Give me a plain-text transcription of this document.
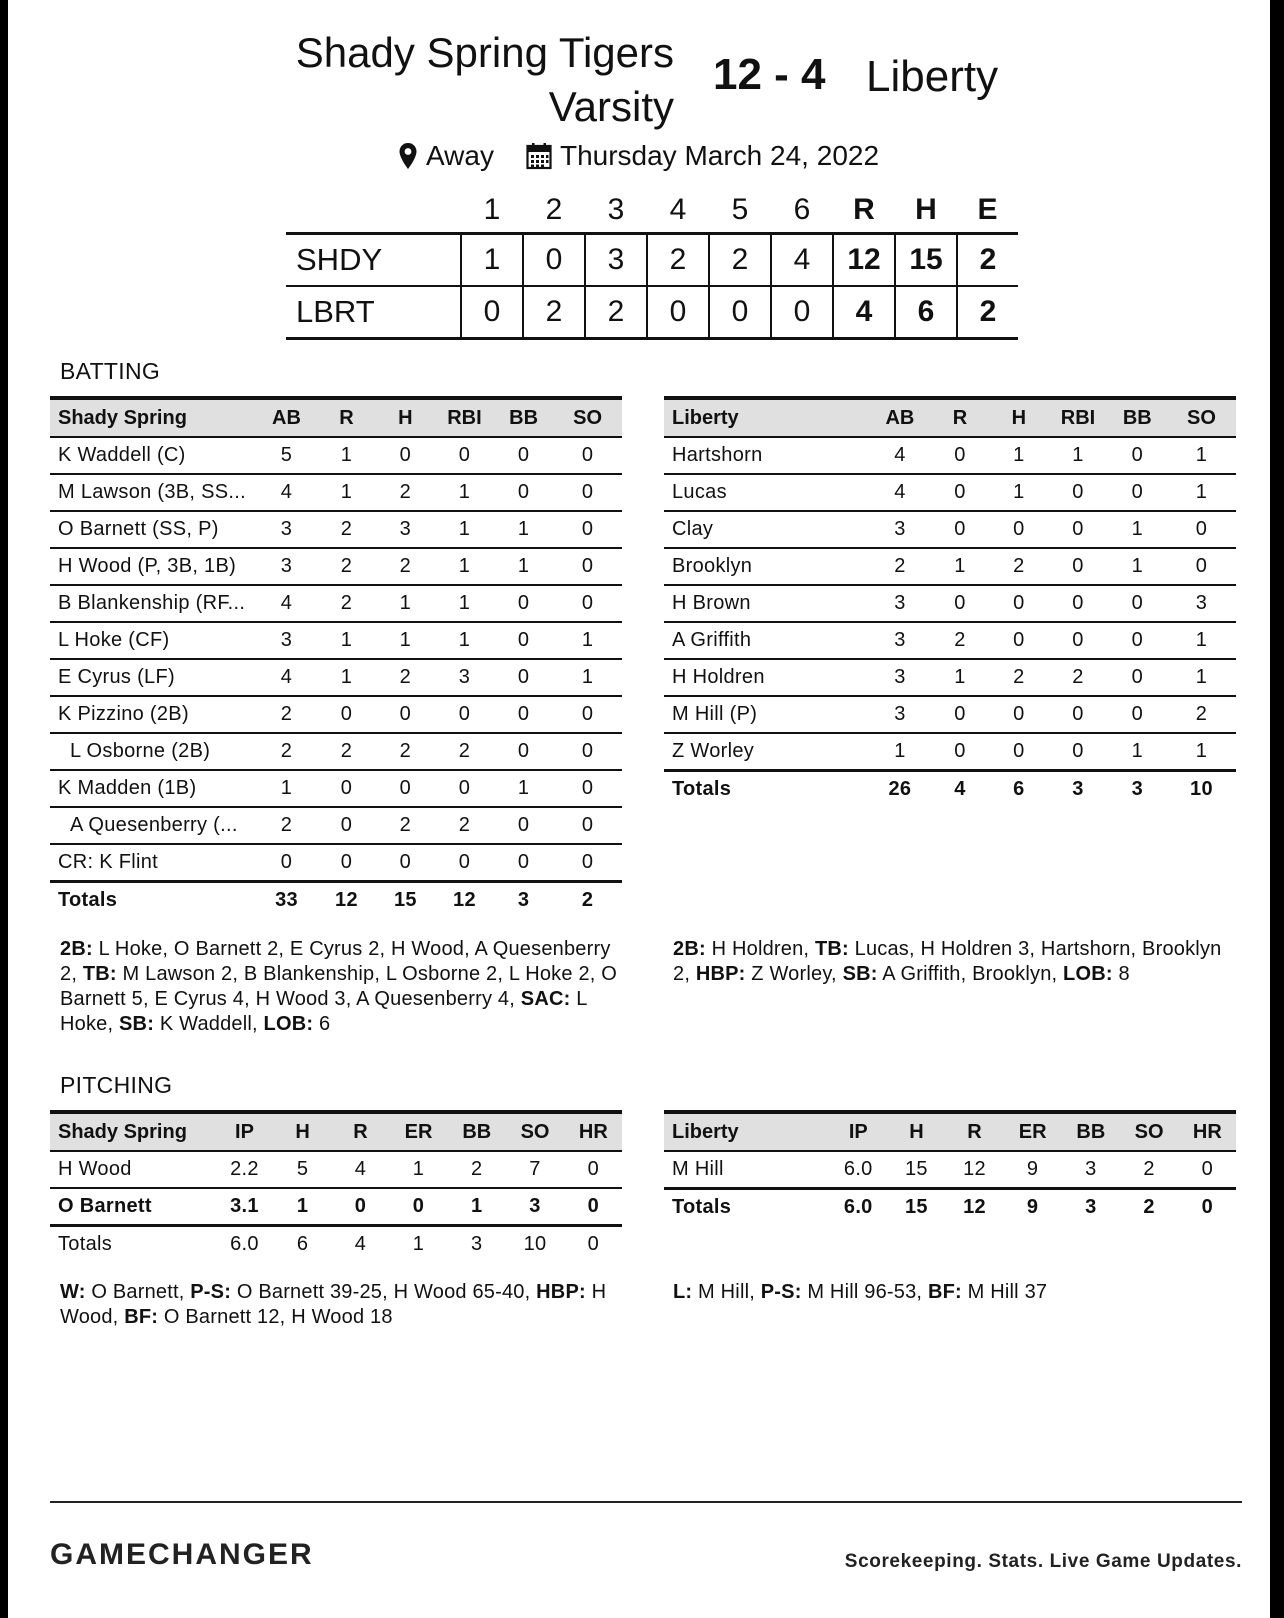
Shady Spring Tigers
Varsity
12 - 4 Liberty
Away Thursday March 24, 2022
	1	2	3	4	5	6	R	H	E
SHDY	1	0	3	2	2	4	12	15	2
LBRT	0	2	2	0	0	0	4	6	2
BATTING
Shady Spring	AB	R	H	RBI	BB	SO
K Waddell (C)	5	1	0	0	0	0
M Lawson (3B, SS...	4	1	2	1	0	0
O Barnett (SS, P)	3	2	3	1	1	0
H Wood (P, 3B, 1B)	3	2	2	1	1	0
B Blankenship (RF...	4	2	1	1	0	0
L Hoke (CF)	3	1	1	1	0	1
E Cyrus (LF)	4	1	2	3	0	1
K Pizzino (2B)	2	0	0	0	0	0
L Osborne (2B)	2	2	2	2	0	0
K Madden (1B)	1	0	0	0	1	0
A Quesenberry (...	2	0	2	2	0	0
CR: K Flint	0	0	0	0	0	0
Totals	33	12	15	12	3	2
Liberty	AB	R	H	RBI	BB	SO
Hartshorn	4	0	1	1	0	1
Lucas	4	0	1	0	0	1
Clay	3	0	0	0	1	0
Brooklyn	2	1	2	0	1	0
H Brown	3	0	0	0	0	3
A Griffith	3	2	0	0	0	1
H Holdren	3	1	2	2	0	1
M Hill (P)	3	0	0	0	0	2
Z Worley	1	0	0	0	1	1
Totals	26	4	6	3	3	10
2B: L Hoke, O Barnett 2, E Cyrus 2, H Wood, A Quesenberry 2, TB: M Lawson 2, B Blankenship, L Osborne 2, L Hoke 2, O Barnett 5, E Cyrus 4, H Wood 3, A Quesenberry 4, SAC: L Hoke, SB: K Waddell, LOB: 6
2B: H Holdren, TB: Lucas, H Holdren 3, Hartshorn, Brooklyn 2, HBP: Z Worley, SB: A Griffith, Brooklyn, LOB: 8
PITCHING
Shady Spring	IP	H	R	ER	BB	SO	HR
H Wood	2.2	5	4	1	2	7	0
O Barnett	3.1	1	0	0	1	3	0
Totals	6.0	6	4	1	3	10	0
Liberty	IP	H	R	ER	BB	SO	HR
M Hill	6.0	15	12	9	3	2	0
Totals	6.0	15	12	9	3	2	0
W: O Barnett, P-S: O Barnett 39-25, H Wood 65-40, HBP: H Wood, BF: O Barnett 12, H Wood 18
L: M Hill, P-S: M Hill 96-53, BF: M Hill 37
GAMECHANGER	Scorekeeping. Stats. Live Game Updates.
